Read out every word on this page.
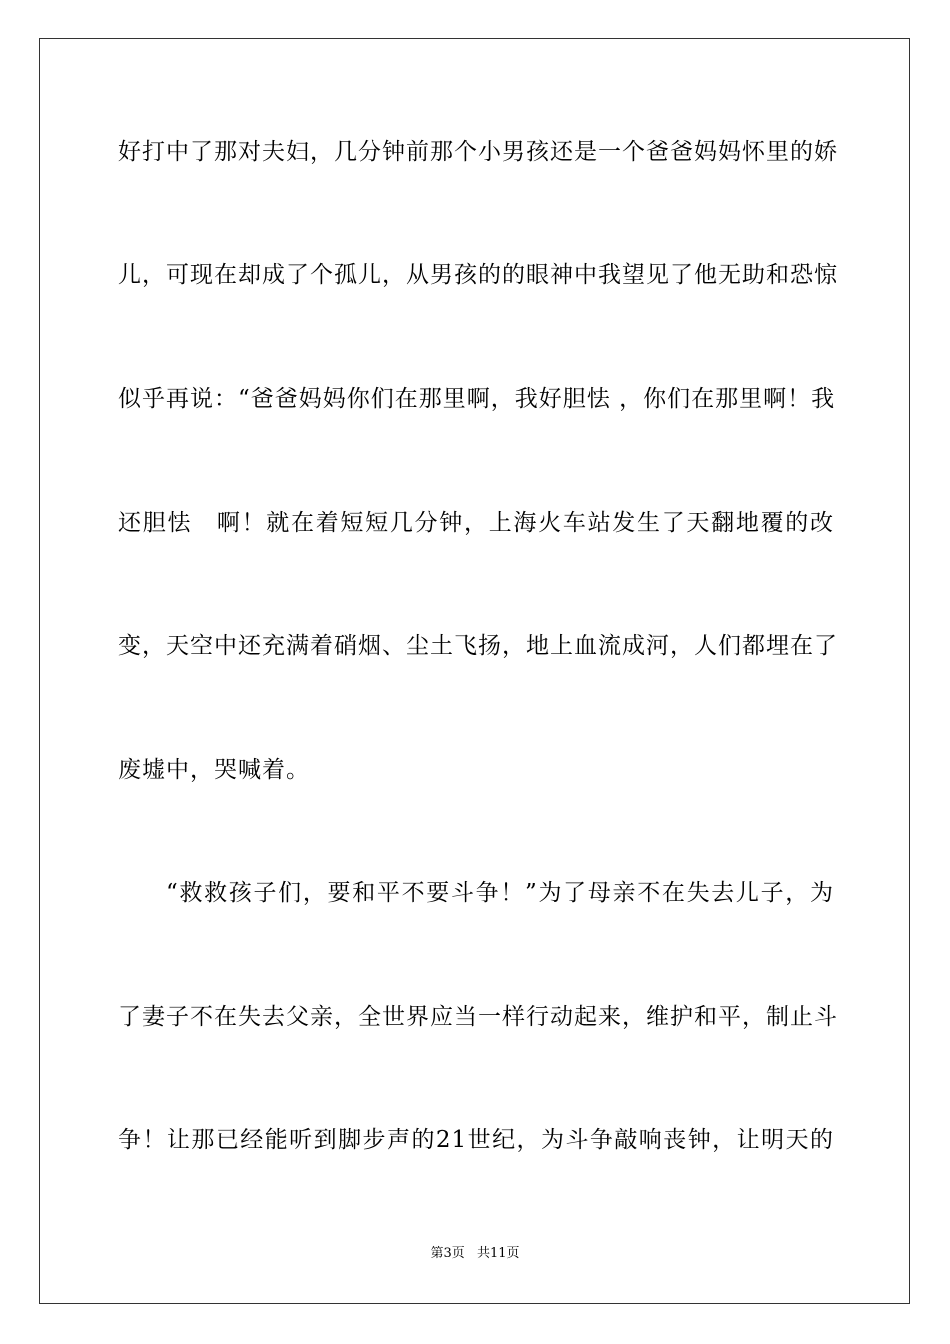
好打中了那对夫妇，几分钟前那个小男孩还是一个爸爸妈妈怀里的娇
儿，可现在却成了个孤儿，从男孩的的眼神中我望见了他无助和恐惊
似乎再说：“爸爸妈妈你们在那里啊，我好胆怯 ，你们在那里啊！我
还胆怯　啊！就在着短短几分钟，上海火车站发生了天翻地覆的改
变，天空中还充满着硝烟、尘土飞扬，地上血流成河，人们都埋在了
废墟中，哭喊着。
“救救孩子们，要和平不要斗争！”为了母亲不在失去儿子，为
了妻子不在失去父亲，全世界应当一样行动起来，维护和平，制止斗
争！让那已经能听到脚步声的21世纪，为斗争敲响丧钟，让明天的
第3页 共11页
